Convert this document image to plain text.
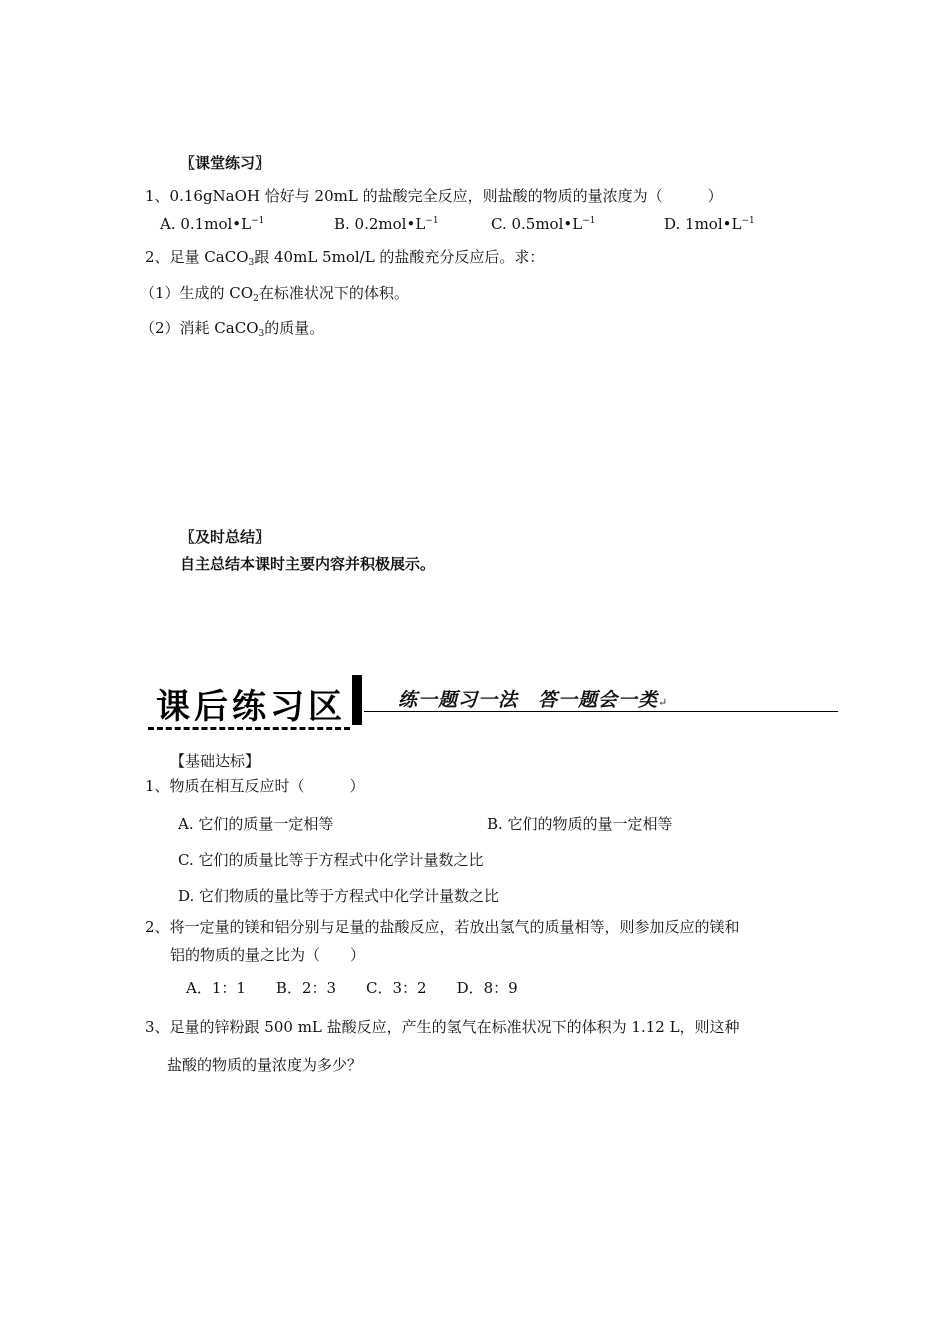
〖课堂练习〗
1、0.16gNaOH 恰好与 20mL 的盐酸完全反应，则盐酸的物质的量浓度为（　　　）
A. $0.1mol•L^{-1}$	B. $0.2mol•L^{-1}$	C. $0.5mol•L^{-1}$	D. $1mol•L^{-1}$
2、足量 CaCO$_3$跟 40mL 5mol/L 的盐酸充分反应后。求：
（1）生成的 $CO_2$在标准状况下的体积。
（2）消耗 CaCO$_3$的质量。
〖及时总结〗
自主总结本课时主要内容并积极展示。
课后练习区	练一题习一法　答一题会一类↵
【基础达标】
1、物质在相互反应时（　　　）
A. 它们的质量一定相等	B. 它们的物质的量一定相等
C. 它们的质量比等于方程式中化学计量数之比
D. 它们物质的量比等于方程式中化学计量数之比
2、将一定量的镁和铝分别与足量的盐酸反应，若放出氢气的质量相等，则参加反应的镁和
铝的物质的量之比为（　　）
A．1：1　　B．2：3　　C．3：2　　D．8：9
3、足量的锌粉跟 500 mL 盐酸反应，产生的氢气在标准状况下的体积为 1.12 L，则这种
盐酸的物质的量浓度为多少？
